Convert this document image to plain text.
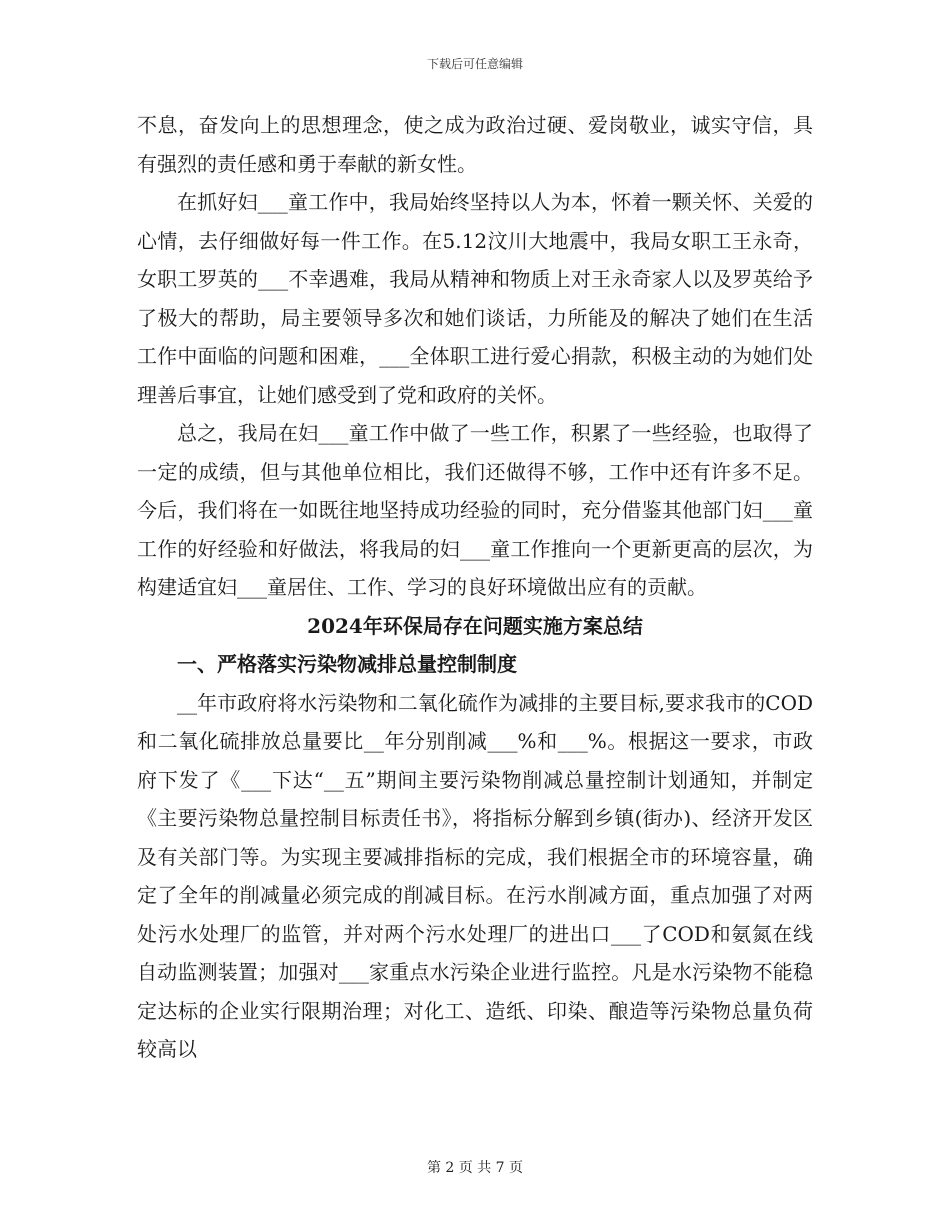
下载后可任意编辑

不息，奋发向上的思想理念，使之成为政治过硬、爱岗敬业，诚实守信，具有强烈的责任感和勇于奉献的新女性。

在抓好妇___童工作中，我局始终坚持以人为本，怀着一颗关怀、关爱的心情，去仔细做好每一件工作。在5.12汶川大地震中，我局女职工王永奇，女职工罗英的___不幸遇难，我局从精神和物质上对王永奇家人以及罗英给予了极大的帮助，局主要领导多次和她们谈话，力所能及的解决了她们在生活工作中面临的问题和困难，___全体职工进行爱心捐款，积极主动的为她们处理善后事宜，让她们感受到了党和政府的关怀。

总之，我局在妇___童工作中做了一些工作，积累了一些经验，也取得了一定的成绩，但与其他单位相比，我们还做得不够，工作中还有许多不足。今后，我们将在一如既往地坚持成功经验的同时，充分借鉴其他部门妇___童工作的好经验和好做法，将我局的妇___童工作推向一个更新更高的层次，为构建适宜妇___童居住、工作、学习的良好环境做出应有的贡献。

2024年环保局存在问题实施方案总结

一、严格落实污染物减排总量控制制度

__年市政府将水污染物和二氧化硫作为减排的主要目标,要求我市的COD和二氧化硫排放总量要比__年分别削减___%和___%。根据这一要求，市政府下发了《___下达“__五”期间主要污染物削减总量控制计划通知，并制定《主要污染物总量控制目标责任书》，将指标分解到乡镇(街办)、经济开发区及有关部门等。为实现主要减排指标的完成，我们根据全市的环境容量，确定了全年的削减量必须完成的削减目标。在污水削减方面，重点加强了对两处污水处理厂的监管，并对两个污水处理厂的进出口___了COD和氨氮在线自动监测装置；加强对___家重点水污染企业进行监控。凡是水污染物不能稳定达标的企业实行限期治理；对化工、造纸、印染、酿造等污染物总量负荷较高以

第 2 页 共 7 页
